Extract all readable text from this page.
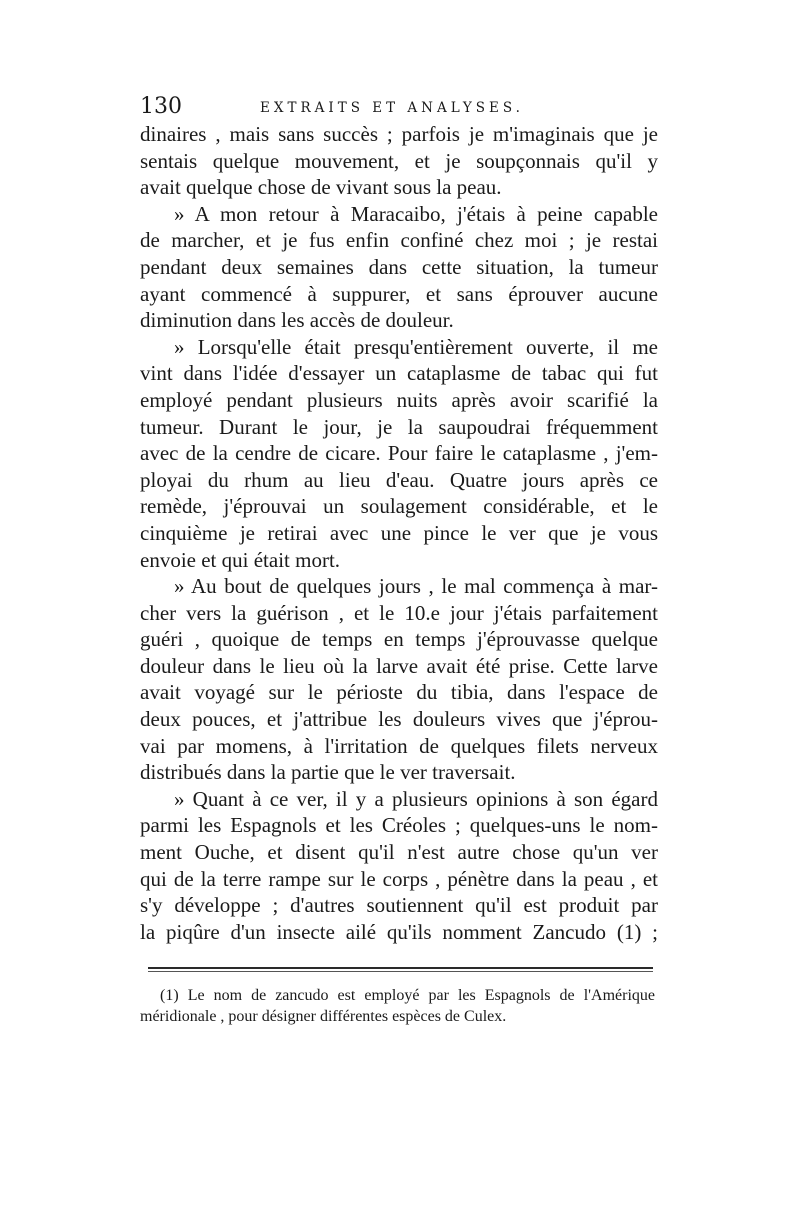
130	EXTRAITS ET ANALYSES.
dinaires , mais sans succès ; parfois je m'imaginais que je
sentais quelque mouvement, et je soupçonnais qu'il y
avait quelque chose de vivant sous la peau.
» A mon retour à Maracaibo, j'étais à peine capable
de marcher, et je fus enfin confiné chez moi ; je restai
pendant deux semaines dans cette situation, la tumeur
ayant commencé à suppurer, et sans éprouver aucune
diminution dans les accès de douleur.
» Lorsqu'elle était presqu'entièrement ouverte, il me
vint dans l'idée d'essayer un cataplasme de tabac qui fut
employé pendant plusieurs nuits après avoir scarifié la
tumeur. Durant le jour, je la saupoudrai fréquemment
avec de la cendre de cicare. Pour faire le cataplasme , j'em-
ployai du rhum au lieu d'eau. Quatre jours après ce
remède, j'éprouvai un soulagement considérable, et le
cinquième je retirai avec une pince le ver que je vous
envoie et qui était mort.
» Au bout de quelques jours , le mal commença à mar-
cher vers la guérison , et le 10.e jour j'étais parfaitement
guéri , quoique de temps en temps j'éprouvasse quelque
douleur dans le lieu où la larve avait été prise. Cette larve
avait voyagé sur le périoste du tibia, dans l'espace de
deux pouces, et j'attribue les douleurs vives que j'éprou-
vai par momens, à l'irritation de quelques filets nerveux
distribués dans la partie que le ver traversait.
» Quant à ce ver, il y a plusieurs opinions à son égard
parmi les Espagnols et les Créoles ; quelques-uns le nom-
ment Ouche, et disent qu'il n'est autre chose qu'un ver
qui de la terre rampe sur le corps , pénètre dans la peau , et
s'y développe ; d'autres soutiennent qu'il est produit par
la piqûre d'un insecte ailé qu'ils nomment Zancudo (1) ;
(1) Le nom de zancudo est employé par les Espagnols de l'Amérique
méridionale , pour désigner différentes espèces de Culex.
